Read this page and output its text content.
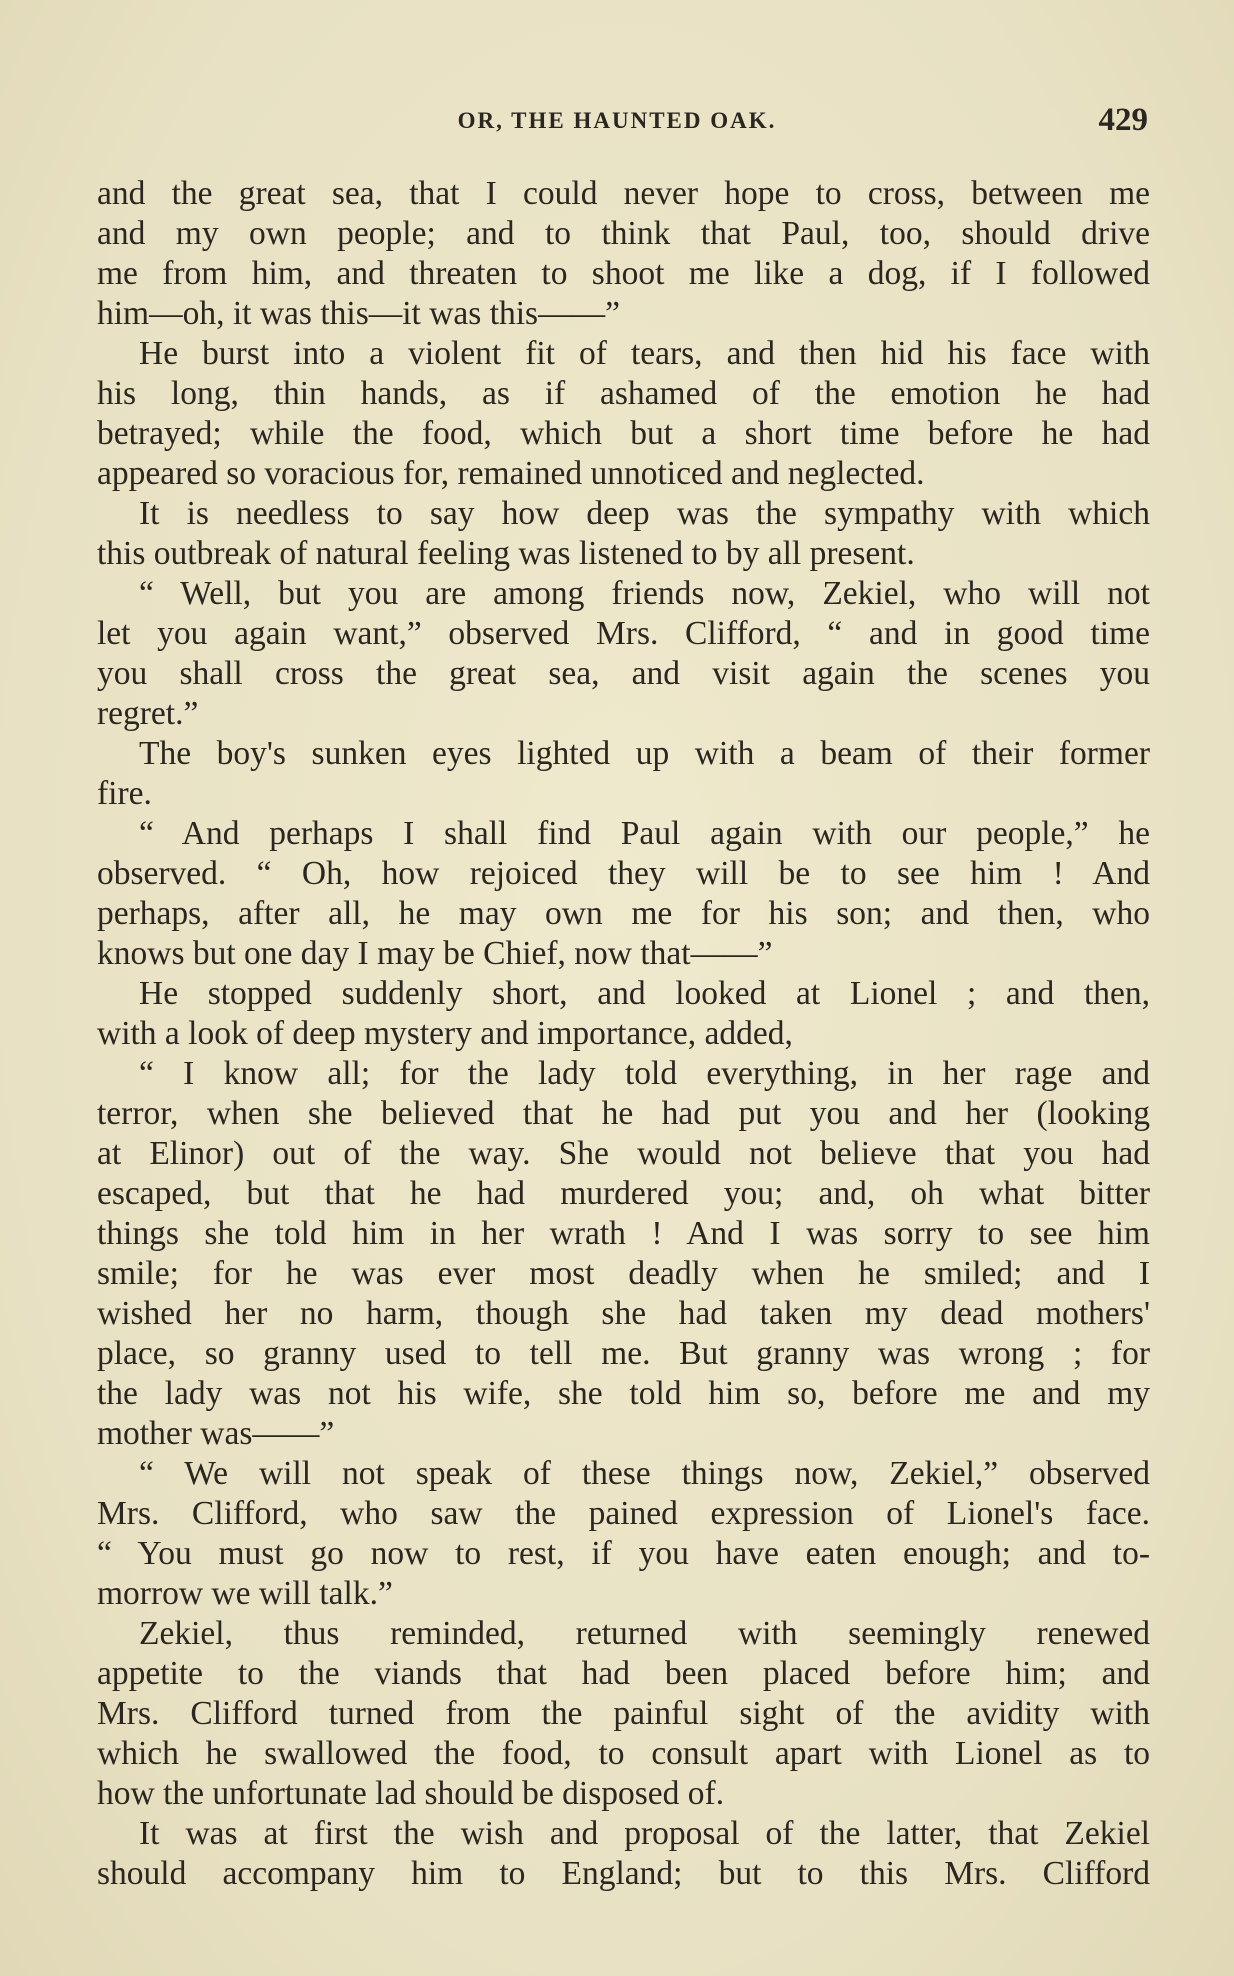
OR, THE HAUNTED OAK.	429
and the great sea, that I could never hope to cross, between me
and my own people; and to think that Paul, too, should drive
me from him, and threaten to shoot me like a dog, if I followed
him—oh, it was this—it was this——”
He burst into a violent fit of tears, and then hid his face with
his long, thin hands, as if ashamed of the emotion he had
betrayed; while the food, which but a short time before he had
appeared so voracious for, remained unnoticed and neglected.
It is needless to say how deep was the sympathy with which
this outbreak of natural feeling was listened to by all present.
“ Well, but you are among friends now, Zekiel, who will not
let you again want,” observed Mrs. Clifford, “ and in good time
you shall cross the great sea, and visit again the scenes you
regret.”
The boy's sunken eyes lighted up with a beam of their former
fire.
“ And perhaps I shall find Paul again with our people,” he
observed. “ Oh, how rejoiced they will be to see him ! And
perhaps, after all, he may own me for his son; and then, who
knows but one day I may be Chief, now that——”
He stopped suddenly short, and looked at Lionel ; and then,
with a look of deep mystery and importance, added,
“ I know all; for the lady told everything, in her rage and
terror, when she believed that he had put you and her (looking
at Elinor) out of the way. She would not believe that you had
escaped, but that he had murdered you; and, oh what bitter
things she told him in her wrath ! And I was sorry to see him
smile; for he was ever most deadly when he smiled; and I
wished her no harm, though she had taken my dead mothers'
place, so granny used to tell me. But granny was wrong ; for
the lady was not his wife, she told him so, before me and my
mother was——”
“ We will not speak of these things now, Zekiel,” observed
Mrs. Clifford, who saw the pained expression of Lionel's face.
“ You must go now to rest, if you have eaten enough; and to-
morrow we will talk.”
Zekiel, thus reminded, returned with seemingly renewed
appetite to the viands that had been placed before him; and
Mrs. Clifford turned from the painful sight of the avidity with
which he swallowed the food, to consult apart with Lionel as to
how the unfortunate lad should be disposed of.
It was at first the wish and proposal of the latter, that Zekiel
should accompany him to England; but to this Mrs. Clifford
